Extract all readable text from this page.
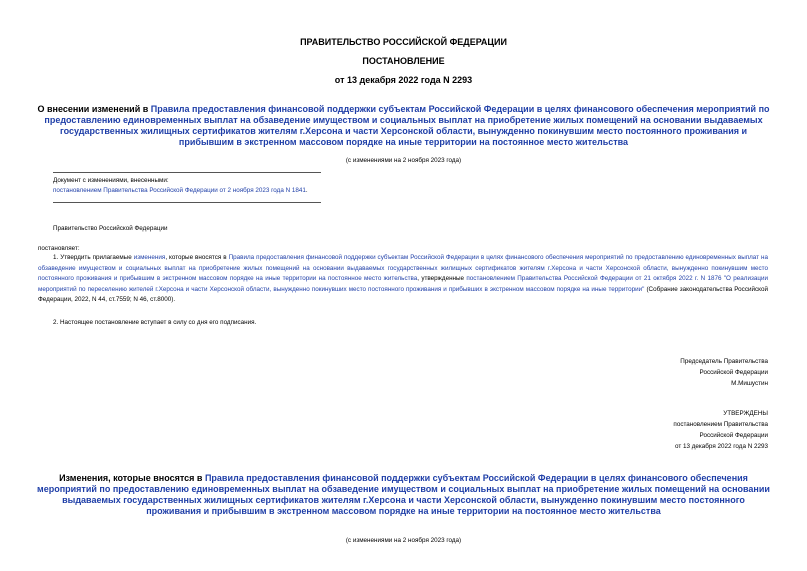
ПРАВИТЕЛЬСТВО РОССИЙСКОЙ ФЕДЕРАЦИИ
ПОСТАНОВЛЕНИЕ
от 13 декабря 2022 года N 2293
О внесении изменений в Правила предоставления финансовой поддержки субъектам Российской Федерации в целях финансового обеспечения мероприятий по предоставлению единовременных выплат на обзаведение имуществом и социальных выплат на приобретение жилых помещений на основании выдаваемых государственных жилищных сертификатов жителям г.Херсона и части Херсонской области, вынужденно покинувшим место постоянного проживания и прибывшим в экстренном массовом порядке на иные территории на постоянное место жительства
(с изменениями на 2 ноября 2023 года)
Документ с изменениями, внесенными:
постановлением Правительства Российской Федерации от 2 ноября 2023 года N 1841.
Правительство Российской Федерации
постановляет:
1. Утвердить прилагаемые изменения, которые вносятся в Правила предоставления финансовой поддержки субъектам Российской Федерации в целях финансового обеспечения мероприятий по предоставлению единовременных выплат на обзаведение имуществом и социальных выплат на приобретение жилых помещений на основании выдаваемых государственных жилищных сертификатов жителям г.Херсона и части Херсонской области, вынужденно покинувшим место постоянного проживания и прибывшим в экстренном массовом порядке на иные территории на постоянное место жительства, утвержденные постановлением Правительства Российской Федерации от 21 октября 2022 г. N 1876 "О реализации мероприятий по переселению жителей г.Херсона и части Херсонской области, вынужденно покинувших место постоянного проживания и прибывших в экстренном массовом порядке на иные территории" (Собрание законодательства Российской Федерации, 2022, N 44, ст.7559; N 46, ст.8000).
2. Настоящее постановление вступает в силу со дня его подписания.
Председатель Правительства
Российской Федерации
М.Мишустин
УТВЕРЖДЕНЫ
постановлением Правительства
Российской Федерации
от 13 декабря 2022 года N 2293
Изменения, которые вносятся в Правила предоставления финансовой поддержки субъектам Российской Федерации в целях финансового обеспечения мероприятий по предоставлению единовременных выплат на обзаведение имуществом и социальных выплат на приобретение жилых помещений на основании выдаваемых государственных жилищных сертификатов жителям г.Херсона и части Херсонской области, вынужденно покинувшим место постоянного проживания и прибывшим в экстренном массовом порядке на иные территории на постоянное место жительства
(с изменениями на 2 ноября 2023 года)
